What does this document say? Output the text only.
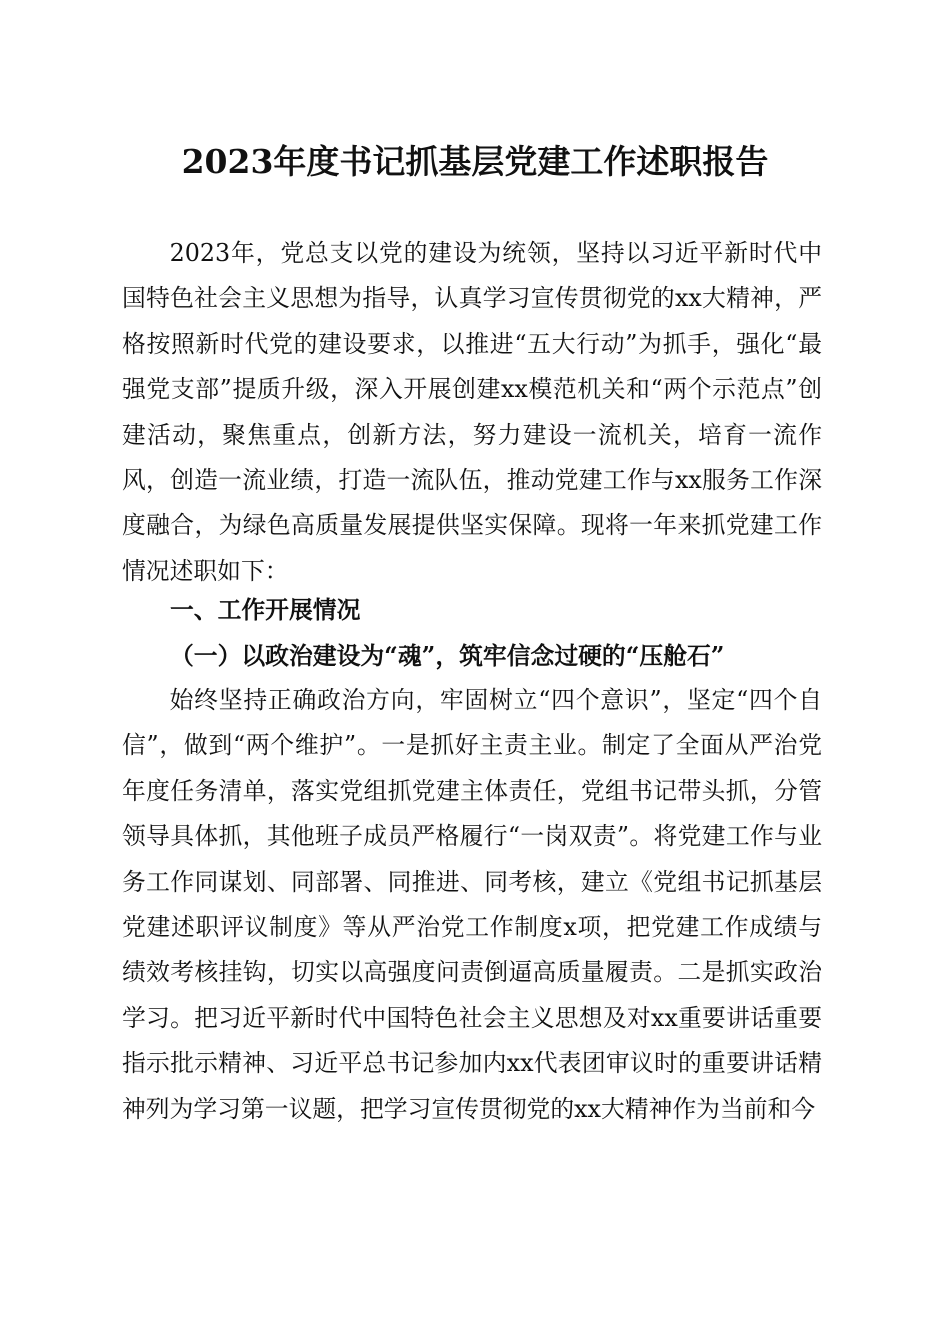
2023年度书记抓基层党建工作述职报告

2023年，党总支以党的建设为统领，坚持以习近平新时代中国特色社会主义思想为指导，认真学习宣传贯彻党的xx大精神，严格按照新时代党的建设要求，以推进“五大行动”为抓手，强化“最强党支部”提质升级，深入开展创建xx模范机关和“两个示范点”创建活动，聚焦重点，创新方法，努力建设一流机关，培育一流作风，创造一流业绩，打造一流队伍，推动党建工作与xx服务工作深度融合，为绿色高质量发展提供坚实保障。现将一年来抓党建工作情况述职如下：

一、工作开展情况
（一）以政治建设为“魂”，筑牢信念过硬的“压舱石”

始终坚持正确政治方向，牢固树立“四个意识”，坚定“四个自信”，做到“两个维护”。一是抓好主责主业。制定了全面从严治党年度任务清单，落实党组抓党建主体责任，党组书记带头抓，分管领导具体抓，其他班子成员严格履行“一岗双责”。将党建工作与业务工作同谋划、同部署、同推进、同考核，建立《党组书记抓基层党建述职评议制度》等从严治党工作制度x项，把党建工作成绩与绩效考核挂钩，切实以高强度问责倒逼高质量履责。二是抓实政治学习。把习近平新时代中国特色社会主义思想及对xx重要讲话重要指示批示精神、习近平总书记参加内xx代表团审议时的重要讲话精神列为学习第一议题，把学习宣传贯彻党的xx大精神作为当前和今
